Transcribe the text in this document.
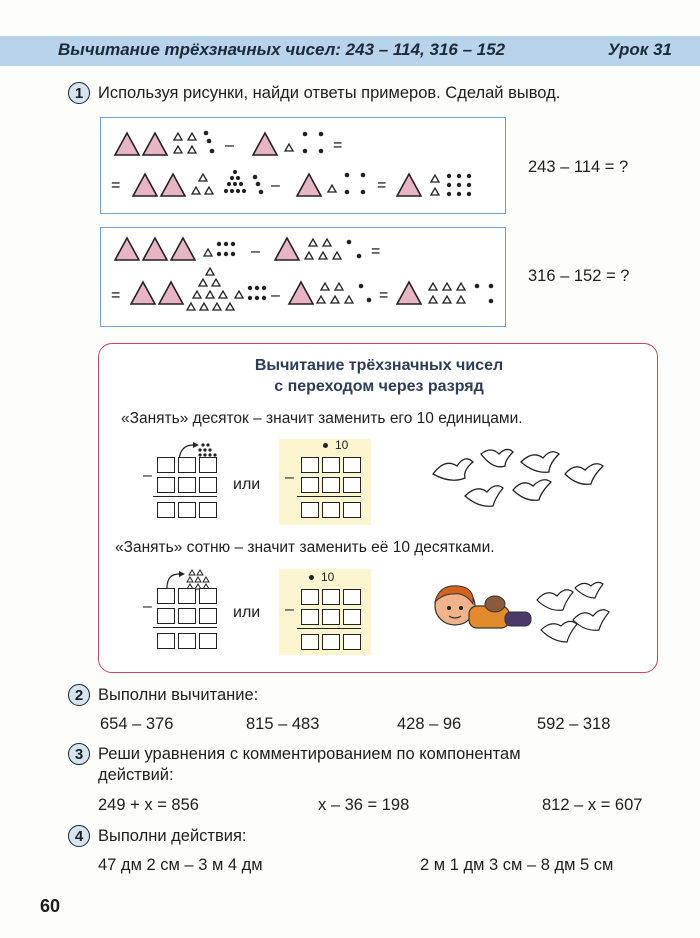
Вычитание трёхзначных чисел: 243 – 114, 316 – 152	Урок 31
1 Используя рисунки, найди ответы примеров. Сделай вывод.
–	=
=	–	=
243 – 114 = ?
–	=
=	–	=
316 – 152 = ?
Вычитание трёхзначных чисел
с переходом через разряд
«Занять» десяток – значит заменить его 10 единицами.
–
или
10
–
«Занять» сотню – значит заменить её 10 десятками.
–	или
10
–
2 Выполни вычитание:
654 – 376	815 – 483	428 – 96	592 – 318
3 Реши уравнения с комментированием по компонентам
действий:
249 + x = 856	x – 36 = 198	812 – x = 607
4 Выполни действия:
47 дм 2 см – 3 м 4 дм	2 м 1 дм 3 см – 8 дм 5 см
60
